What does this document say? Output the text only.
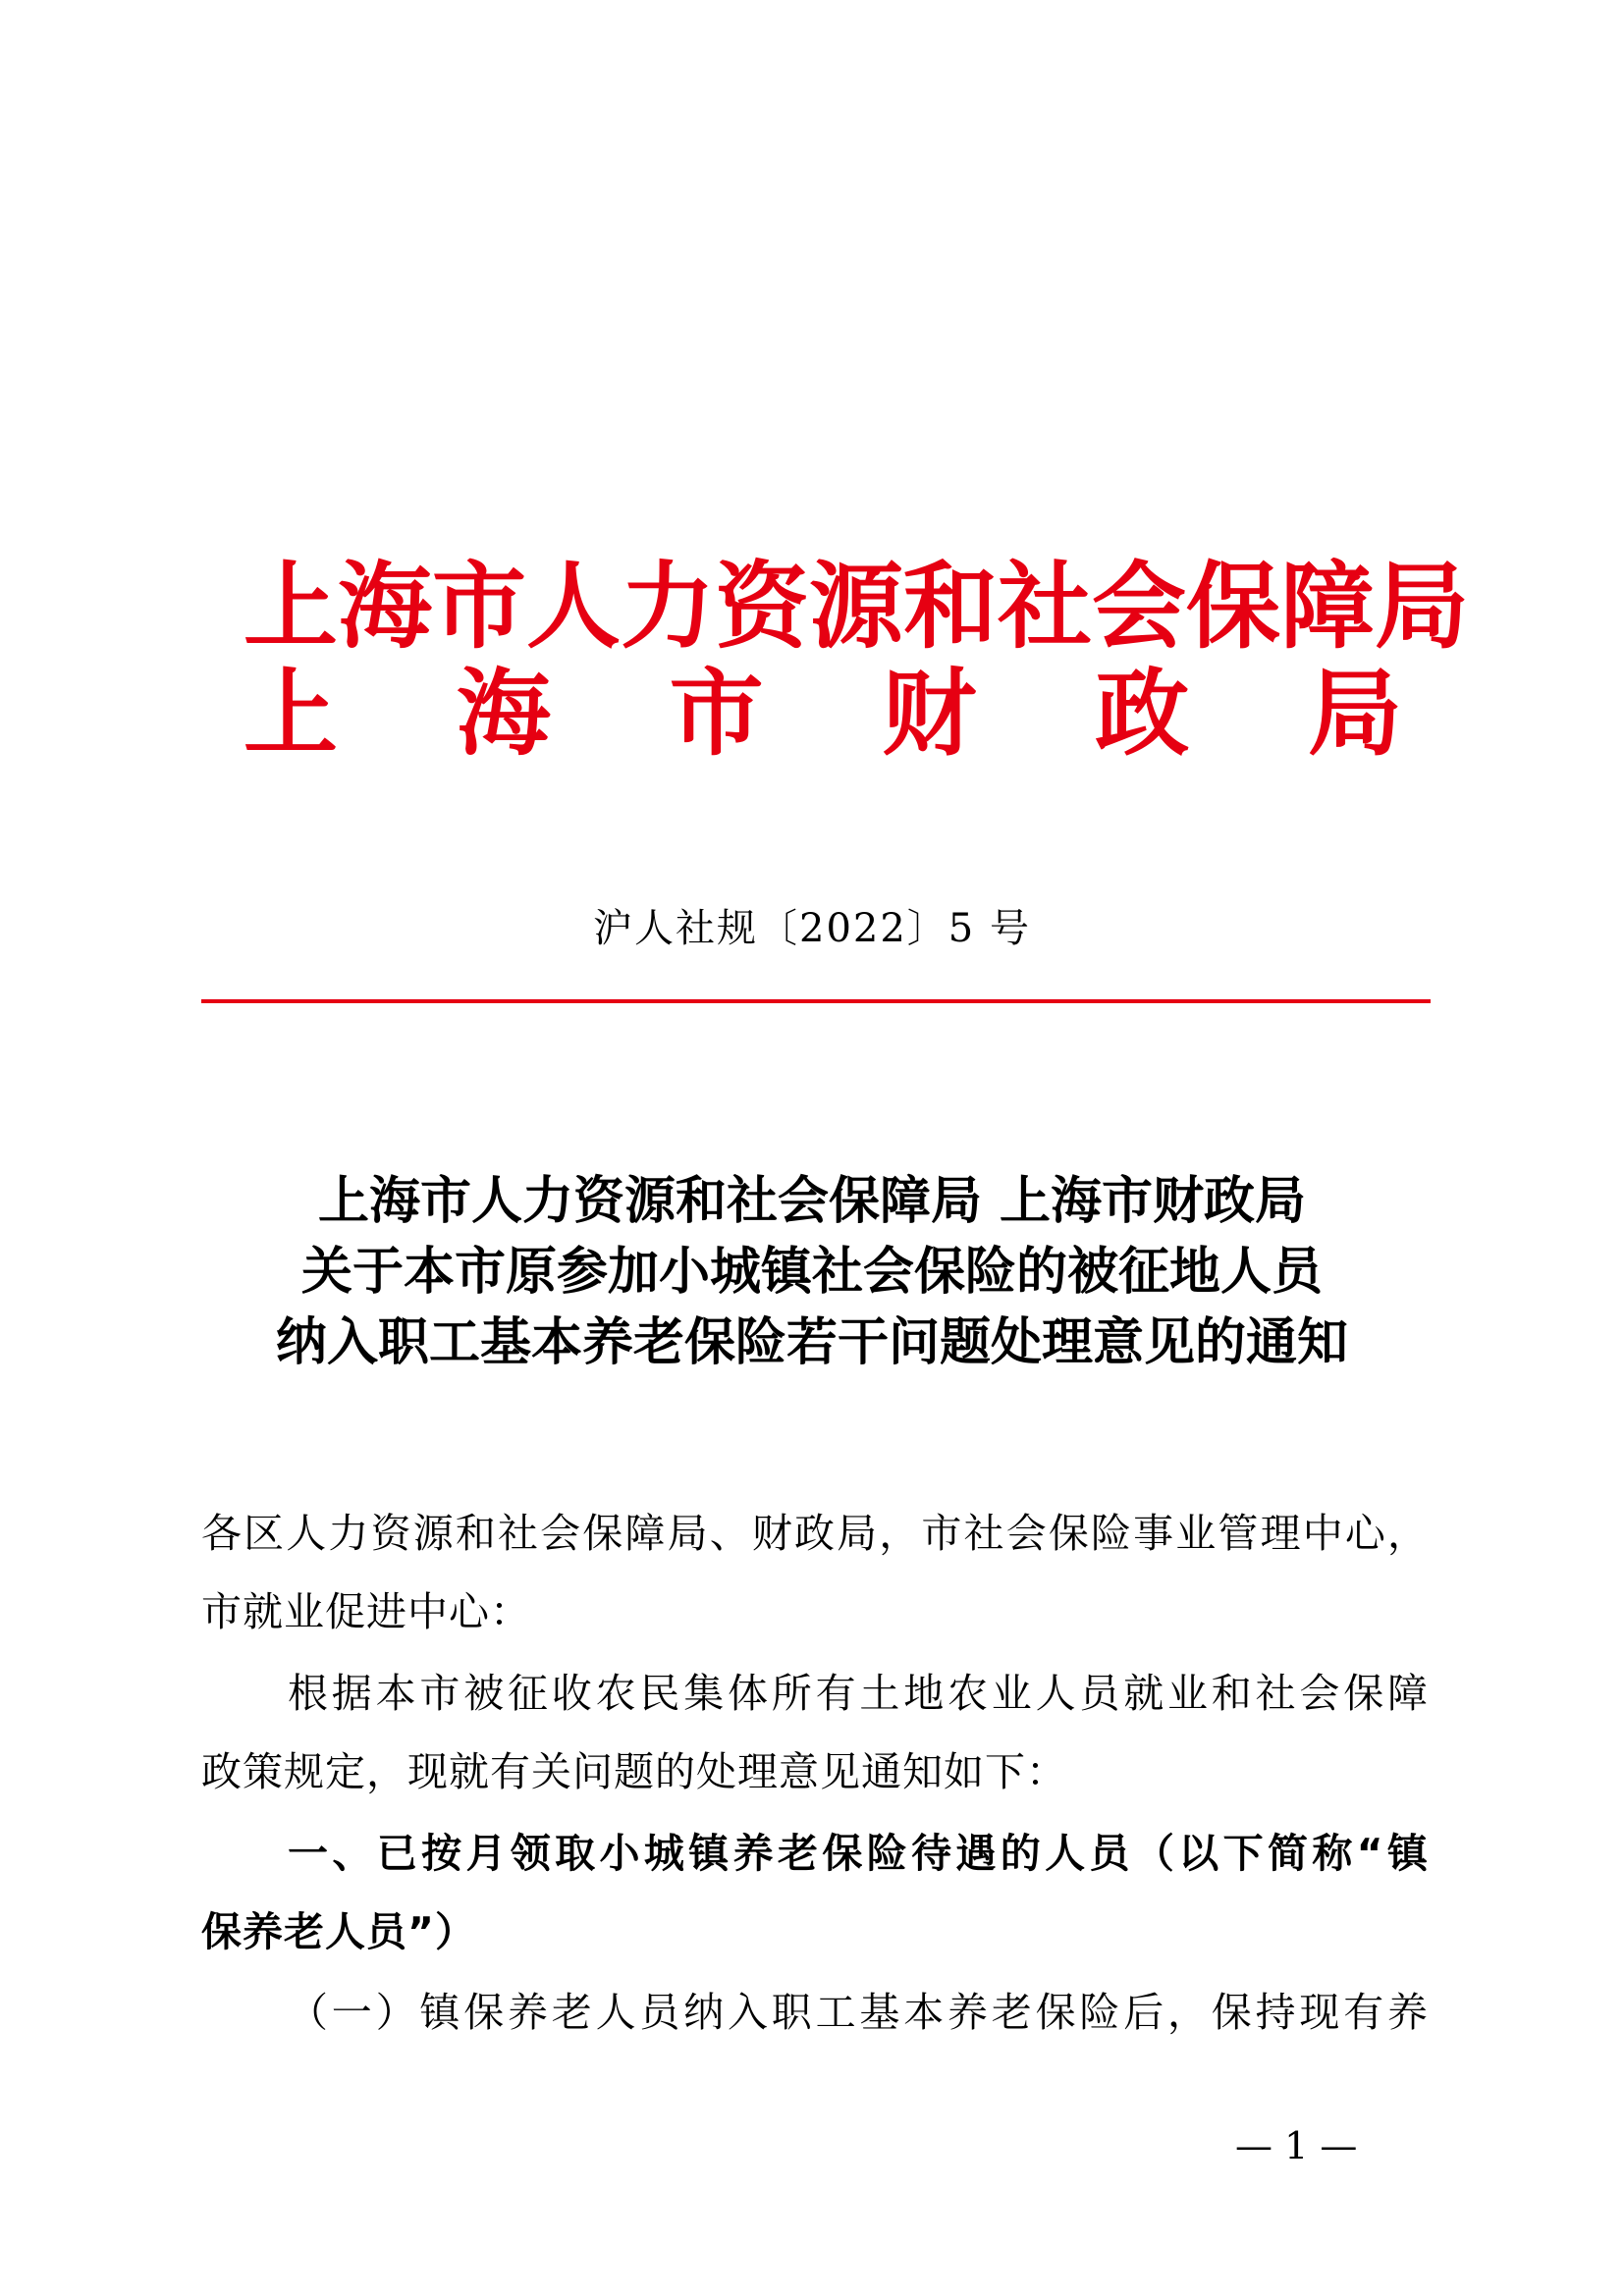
上海市人力资源和社会保障局
上　海　市　财　政　局
沪人社规〔2022〕5 号
上海市人力资源和社会保障局 上海市财政局
关于本市原参加小城镇社会保险的被征地人员
纳入职工基本养老保险若干问题处理意见的通知
各区人力资源和社会保障局、财政局，市社会保险事业管理中心，
市就业促进中心：
根据本市被征收农民集体所有土地农业人员就业和社会保障
政策规定，现就有关问题的处理意见通知如下：
一、已按月领取小城镇养老保险待遇的人员（以下简称“镇
保养老人员”）
（一）镇保养老人员纳入职工基本养老保险后，保持现有养
— 1 —
